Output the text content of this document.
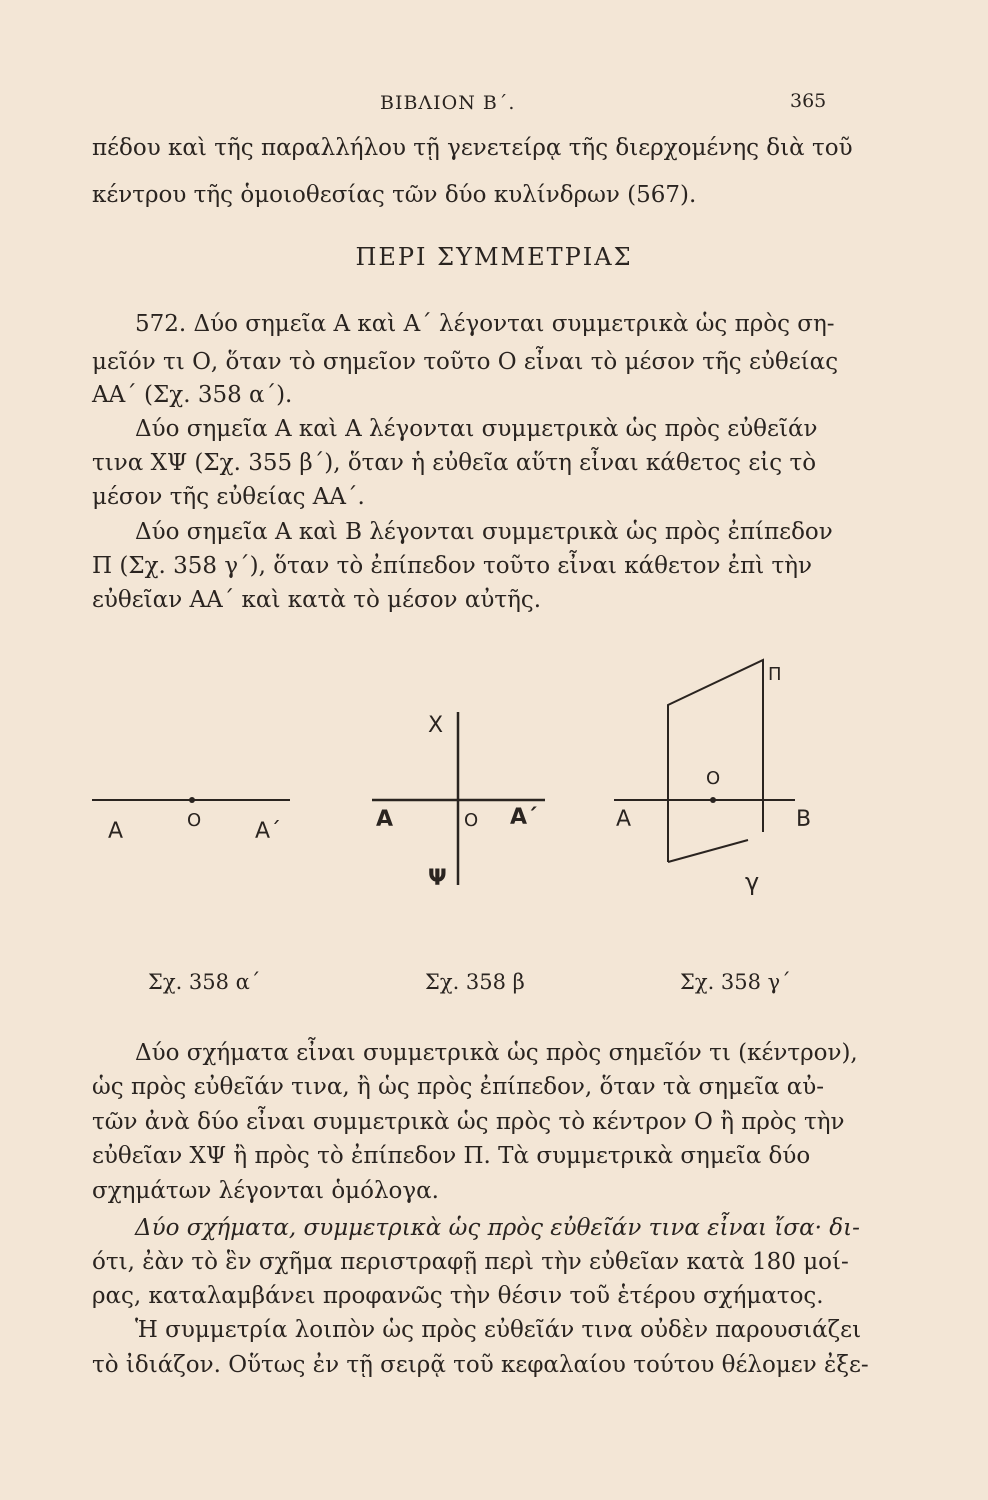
ΒΙΒΛΙΟΝ Β΄.	365
πέδου καὶ τῆς παραλλήλου τῇ γενετείρᾳ τῆς διερχομένης διὰ τοῦ
κέντρου τῆς ὁμοιοθεσίας τῶν δύο κυλίνδρων (567).
ΠΕΡΙ ΣΥΜΜΕΤΡΙΑΣ
572. Δύο σημεῖα Α καὶ Α΄ λέγονται συμμετρικὰ ὡς πρὸς ση-
μεῖόν τι Ο, ὅταν τὸ σημεῖον τοῦτο Ο εἶναι τὸ μέσον τῆς εὐθείας
ΑΑ΄ (Σχ. 358 α΄).
Δύο σημεῖα Α καὶ Α λέγονται συμμετρικὰ ὡς πρὸς εὐθεῖάν
τινα ΧΨ (Σχ. 355 β΄), ὅταν ἡ εὐθεῖα αὕτη εἶναι κάθετος εἰς τὸ
μέσον τῆς εὐθείας ΑΑ΄.
Δύο σημεῖα Α καὶ Β λέγονται συμμετρικὰ ὡς πρὸς ἐπίπεδον
Π (Σχ. 358 γ΄), ὅταν τὸ ἐπίπεδον τοῦτο εἶναι κάθετον ἐπὶ τὴν
εὐθεῖαν ΑΑ΄ καὶ κατὰ τὸ μέσον αὐτῆς.
Α	O Α΄
X
Α	O Α΄
Ψ
Π
O
Α	Β
γ
Σχ. 358 α΄	Σχ. 358 β	Σχ. 358 γ΄
Δύο σχήματα εἶναι συμμετρικὰ ὡς πρὸς σημεῖόν τι (κέντρον),
ὡς πρὸς εὐθεῖάν τινα, ἢ ὡς πρὸς ἐπίπεδον, ὅταν τὰ σημεῖα αὐ-
τῶν ἀνὰ δύο εἶναι συμμετρικὰ ὡς πρὸς τὸ κέντρον Ο ἢ πρὸς τὴν
εὐθεῖαν ΧΨ ἢ πρὸς τὸ ἐπίπεδον Π. Τὰ συμμετρικὰ σημεῖα δύο
σχημάτων λέγονται ὁμόλογα.
Δύο σχήματα, συμμετρικὰ ὡς πρὸς εὐθεῖάν τινα εἶναι ἴσα· δι-
ότι, ἐὰν τὸ ἓν σχῆμα περιστραφῇ περὶ τὴν εὐθεῖαν κατὰ 180 μοί-
ρας, καταλαμβάνει προφανῶς τὴν θέσιν τοῦ ἑτέρου σχήματος.
Ἡ συμμετρία λοιπὸν ὡς πρὸς εὐθεῖάν τινα οὐδὲν παρουσιάζει
τὸ ἰδιάζον. Οὕτως ἐν τῇ σειρᾷ τοῦ κεφαλαίου τούτου θέλομεν ἐξε-
